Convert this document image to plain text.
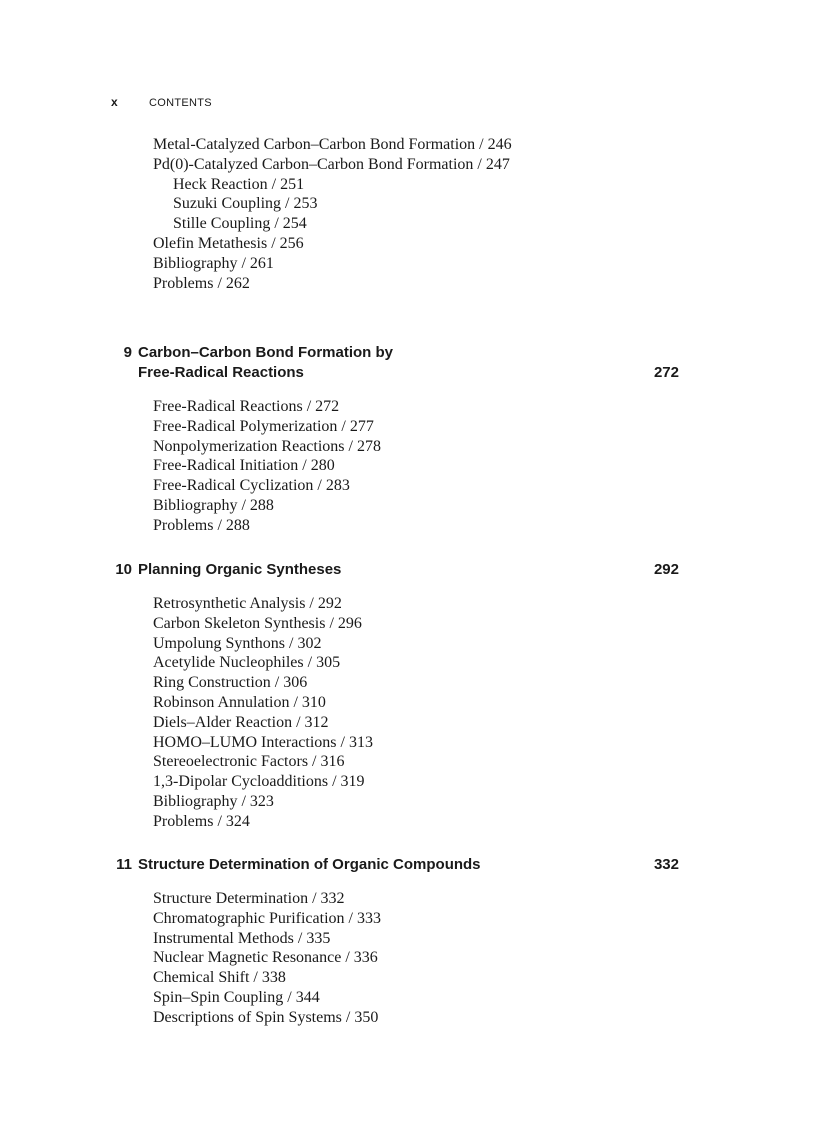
x	CONTENTS
Metal-Catalyzed Carbon–Carbon Bond Formation / 246
Pd(0)-Catalyzed Carbon–Carbon Bond Formation / 247
Heck Reaction / 251
Suzuki Coupling / 253
Stille Coupling / 254
Olefin Metathesis / 256
Bibliography / 261
Problems / 262
9 Carbon–Carbon Bond Formation by
Free-Radical Reactions	272
Free-Radical Reactions / 272
Free-Radical Polymerization / 277
Nonpolymerization Reactions / 278
Free-Radical Initiation / 280
Free-Radical Cyclization / 283
Bibliography / 288
Problems / 288
10 Planning Organic Syntheses	292
Retrosynthetic Analysis / 292
Carbon Skeleton Synthesis / 296
Umpolung Synthons / 302
Acetylide Nucleophiles / 305
Ring Construction / 306
Robinson Annulation / 310
Diels–Alder Reaction / 312
HOMO–LUMO Interactions / 313
Stereoelectronic Factors / 316
1,3-Dipolar Cycloadditions / 319
Bibliography / 323
Problems / 324
11 Structure Determination of Organic Compounds	332
Structure Determination / 332
Chromatographic Purification / 333
Instrumental Methods / 335
Nuclear Magnetic Resonance / 336
Chemical Shift / 338
Spin–Spin Coupling / 344
Descriptions of Spin Systems / 350
